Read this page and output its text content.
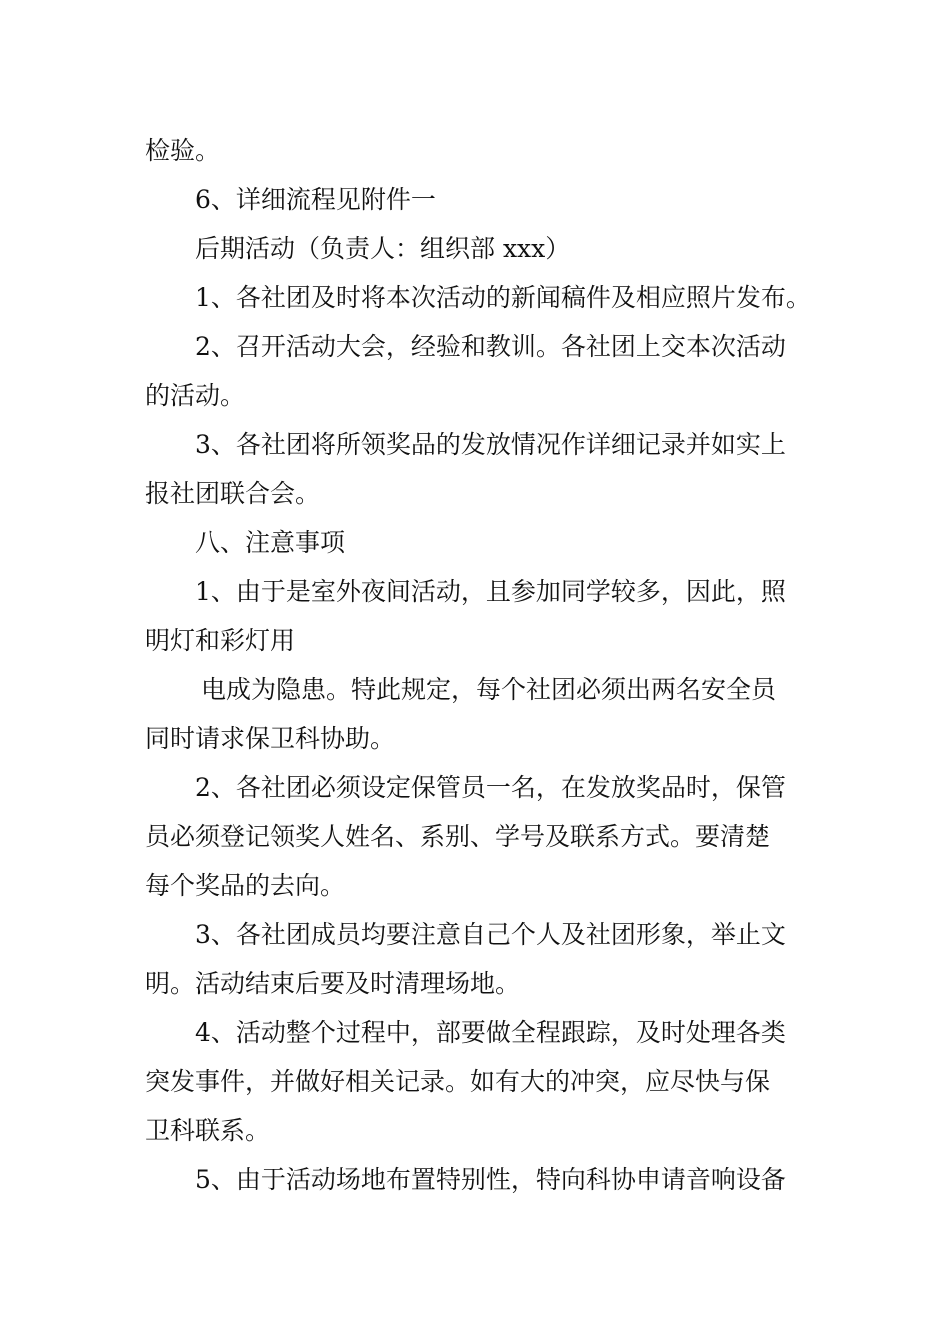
检验。

6、详细流程见附件一

后期活动（负责人：组织部 xxx）

1、各社团及时将本次活动的新闻稿件及相应照片发布。

2、召开活动大会，经验和教训。各社团上交本次活动

的活动。

3、各社团将所领奖品的发放情况作详细记录并如实上

报社团联合会。

八、注意事项

1、由于是室外夜间活动，且参加同学较多，因此，照

明灯和彩灯用

电成为隐患。特此规定，每个社团必须出两名安全员

同时请求保卫科协助。

2、各社团必须设定保管员一名，在发放奖品时，保管

员必须登记领奖人姓名、系别、学号及联系方式。要清楚

每个奖品的去向。

3、各社团成员均要注意自己个人及社团形象，举止文

明。活动结束后要及时清理场地。

4、活动整个过程中，部要做全程跟踪，及时处理各类

突发事件，并做好相关记录。如有大的冲突，应尽快与保

卫科联系。

5、由于活动场地布置特别性，特向科协申请音响设备
